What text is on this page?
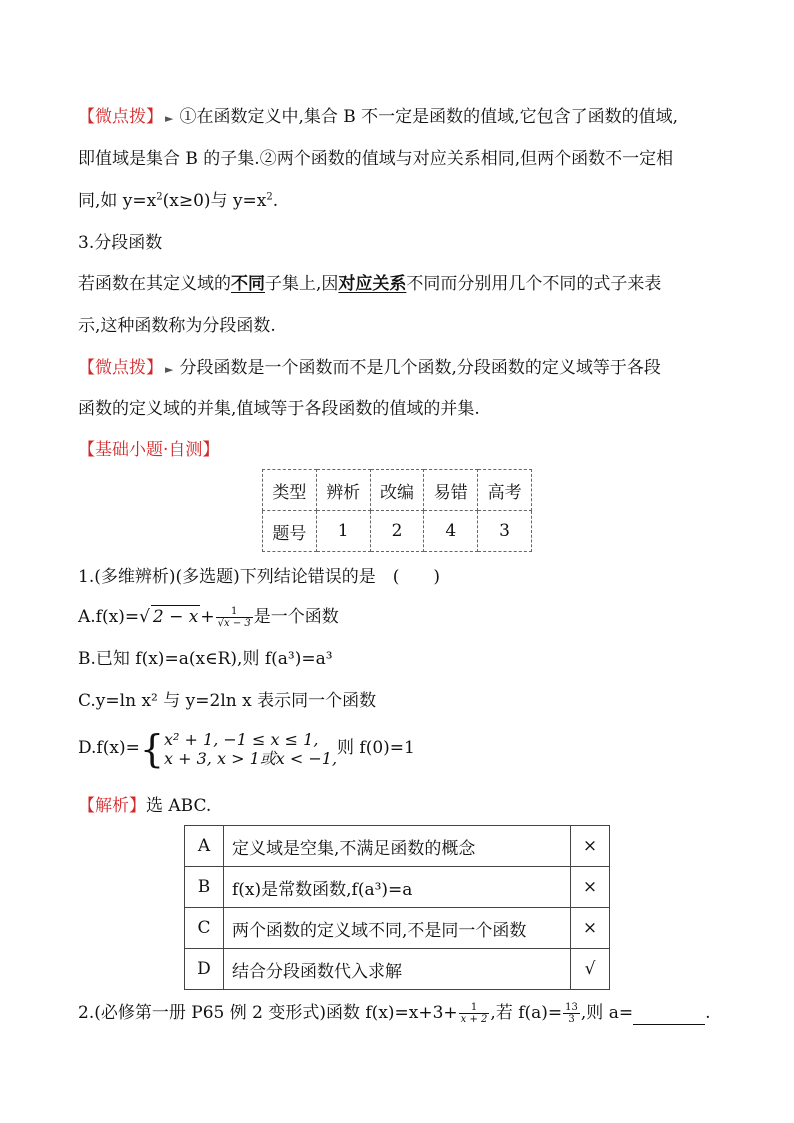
【微点拨】 ► ①在函数定义中,集合 B 不一定是函数的值域,它包含了函数的值域,
即值域是集合 B 的子集.②两个函数的值域与对应关系相同,但两个函数不一定相
同,如 $y=x^2(x\ge 0)$与 $y=x^2$.
3.分段函数
若函数在其定义域的不同子集上,因对应关系不同而分别用几个不同的式子来表
示,这种函数称为分段函数.
【微点拨】 ► 分段函数是一个函数而不是几个函数,分段函数的定义域等于各段
函数的定义域的并集,值域等于各段函数的值域的并集.
【基础小题·自测】
类型	辨析	改编	易错	高考
题号	1	2	4	3
1.(多维辨析)(多选题)下列结论错误的是　(　　)
A.f(x)=√ $2 - x + \frac{1}{√x - 3}$ 是一个函数
B.已知 f(x)=a(x∈R),则 f(a³)=a³
C.y=ln x² 与 y=2ln x 表示同一个函数
D.f(x)={ x² + 1, −1 ≤ x ≤ 1,
x + 3, x > 1或x < −1, 则 f(0)=1
【解析】选 ABC.
A	定义域是空集,不满足函数的概念	×
B	f(x)是常数函数,f(a³)=a	×
C	两个函数的定义域不同,不是同一个函数	×
D	结合分段函数代入求解	√
2.(必修第一册 P65 例 2 变形式)函数 $f(x)=x+3+ \frac{1}{x + 2}$ ,若 $f(a)= \frac{13}{3}$ ,则 a=	.
